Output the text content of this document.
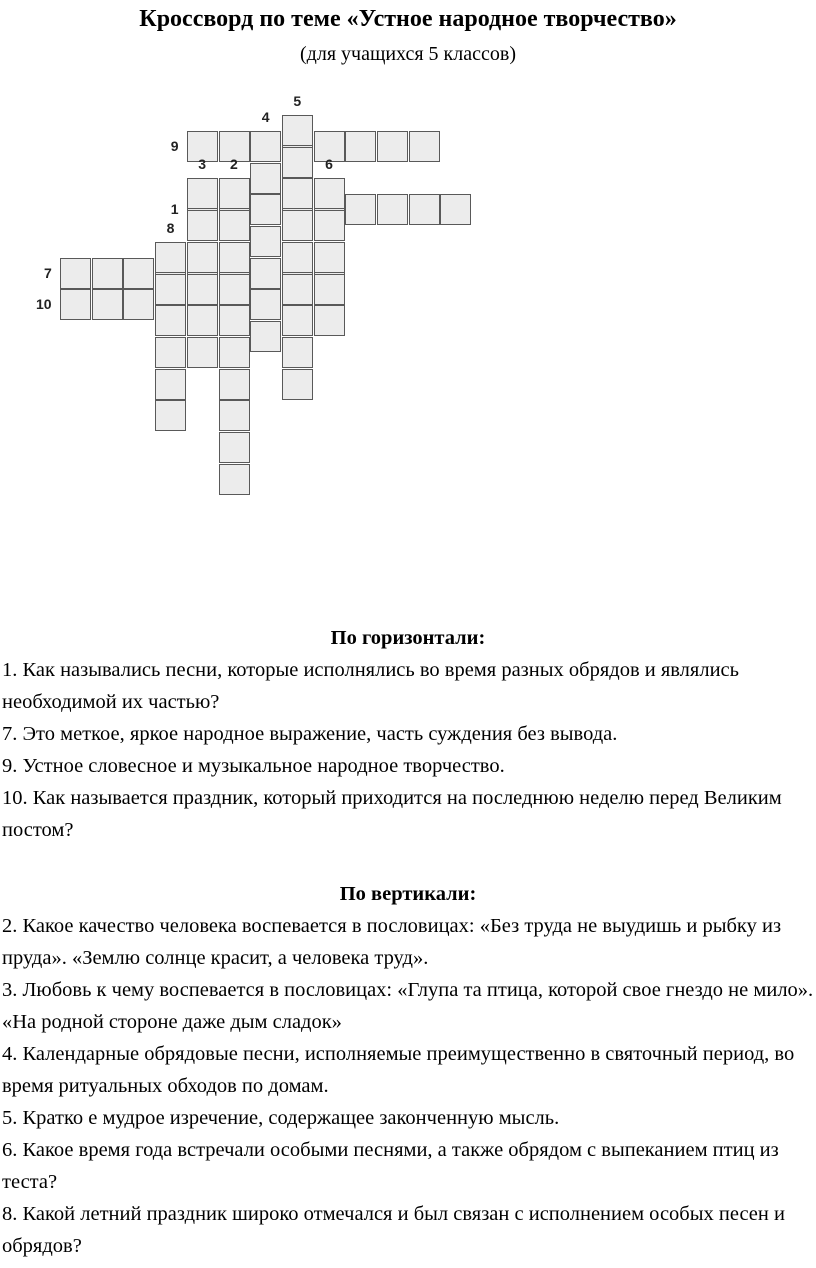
Кроссворд по теме «Устное народное творчество»
(для учащихся 5 классов)
9
1
7
10
5
4
3 2	6
8
По горизонтали:
1. Как назывались песни, которые исполнялись во время разных обрядов и являлись необходимой их частью?
7. Это меткое, яркое народное выражение, часть суждения без вывода.
9. Устное словесное и музыкальное народное творчество.
10. Как называется праздник, который приходится на последнюю неделю перед Великим постом?
По вертикали:
2. Какое качество человека воспевается в пословицах: «Без труда не выудишь и рыбку из пруда». «Землю солнце красит, а человека труд».
3. Любовь к чему воспевается в пословицах: «Глупа та птица, которой свое гнездо не мило». «На родной стороне даже дым сладок»
4. Календарные обрядовые песни, исполняемые преимущественно в святочный период, во время ритуальных обходов по домам.
5. Кратко е мудрое изречение, содержащее законченную мысль.
6. Какое время года встречали особыми песнями, а также обрядом с выпеканием птиц из теста?
8. Какой летний праздник широко отмечался и был связан с исполнением особых песен и обрядов?
